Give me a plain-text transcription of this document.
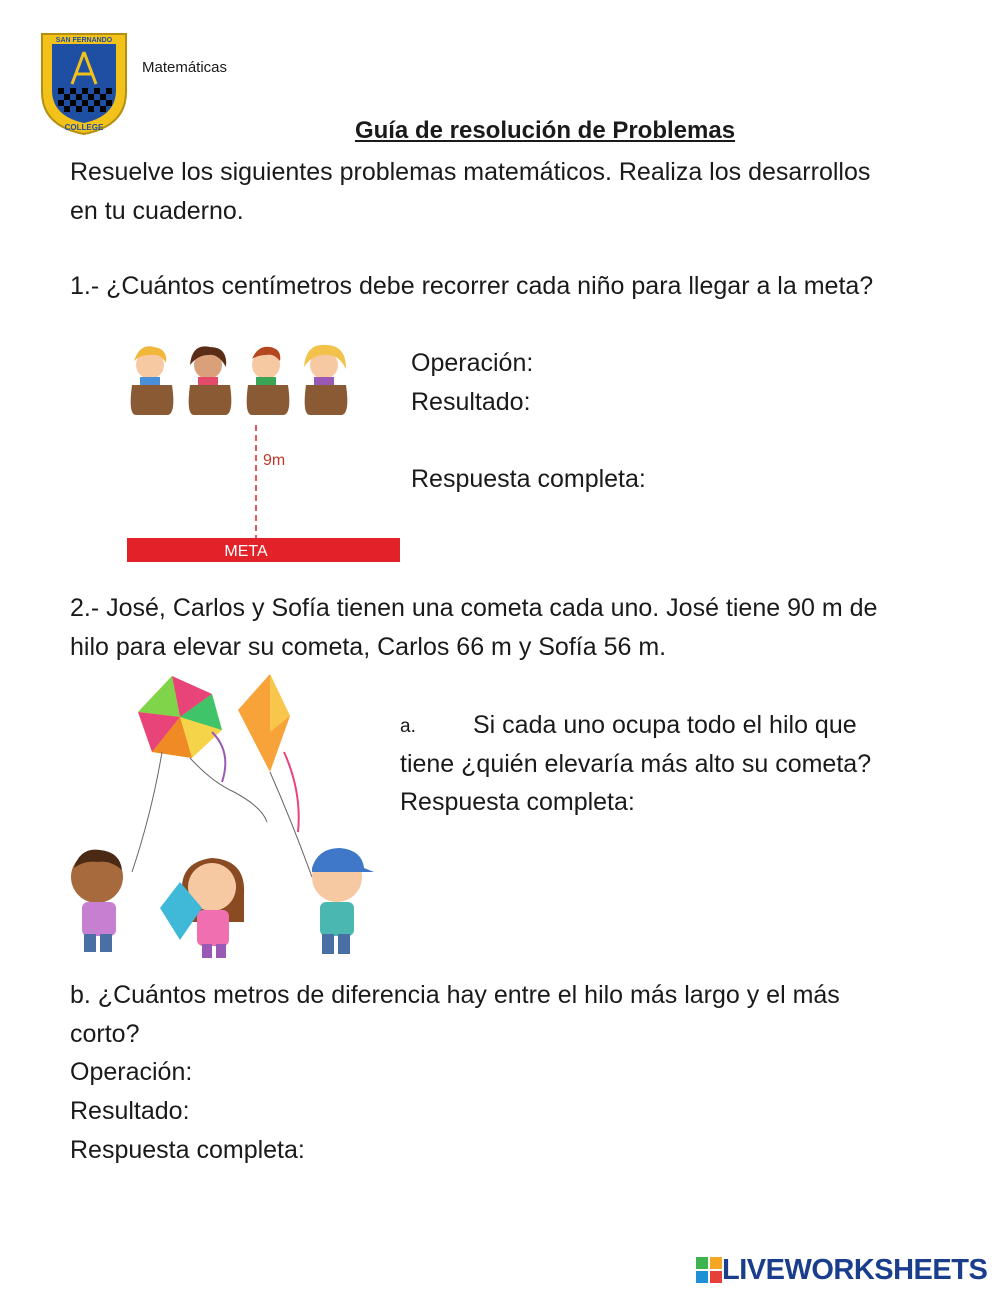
SAN FERNANDO
COLLEGE
Matemáticas
Guía de resolución de Problemas
Resuelve los siguientes problemas matemáticos. Realiza los desarrollos
en tu cuaderno.
1.- ¿Cuántos centímetros debe recorrer cada niño para llegar a la meta?
9m
META
Operación:
Resultado:
Respuesta completa:
2.- José, Carlos y Sofía tienen una cometa cada uno. José tiene 90 m de
hilo para elevar su cometa, Carlos 66 m y Sofía 56 m.
a. Si cada uno ocupa todo el hilo que
tiene ¿quién elevaría más alto su cometa?
Respuesta completa:
b. ¿Cuántos metros de diferencia hay entre el hilo más largo y el más
corto?
Operación:
Resultado:
Respuesta completa:
LIVEWORKSHEETS
